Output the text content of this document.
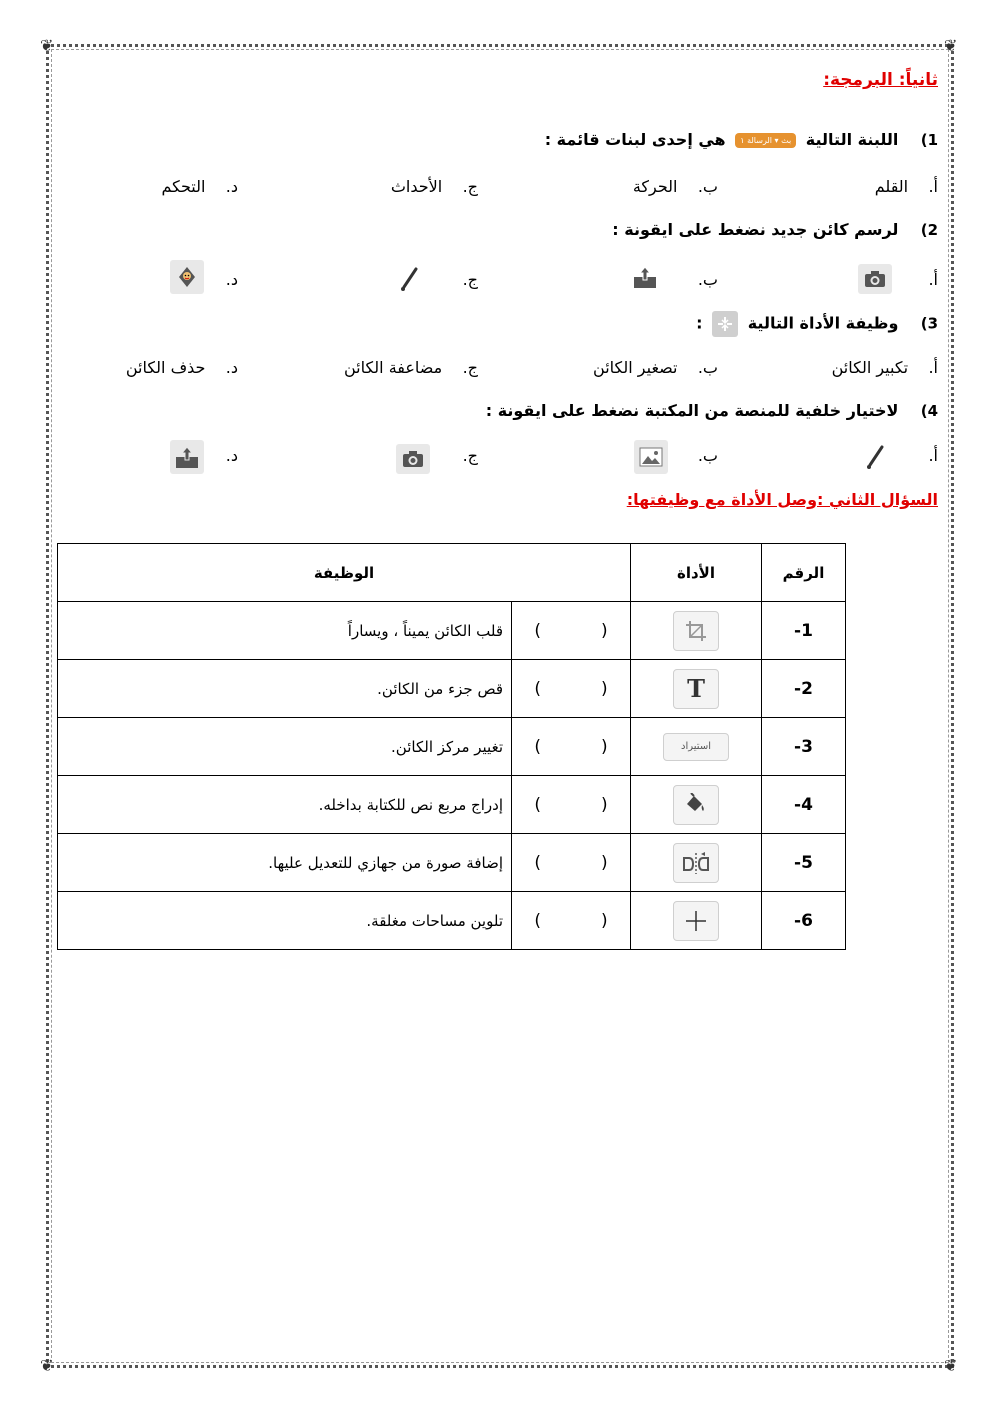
❦	❦
❦	❦
ثانياً: البرمجة:
1)    اللبنة التالية بث ▾ الرسالة ١ هي إحدى لبنات قائمة :
أ.    القلم
ب.    الحركة
ج.    الأحداث
د.    التحكم
2)    لرسم كائن جديد نضغط على ايقونة :
أ.
ب.
ج.
د.
3)    وظيفة الأداة التالية  :
أ.    تكبير الكائن
ب.    تصغير الكائن
ج.    مضاعفة الكائن
د.    حذف الكائن
4)    لاختيار خلفية للمنصة من المكتبة نضغط على ايقونة :
أ.
ب.
ج.
د.
السؤال الثاني :وصل الأداة مع وظيفتها:
الرقم	الأداة	الوظيفة	
1-		()	قلب الكائن يميناً ، ويساراً
2-	T	()	قص جزء من الكائن.
3-	استيراد	()	تغيير مركز الكائن.
4-		()	إدراج مربع نص للكتابة بداخله.
5-		()	إضافة صورة من جهازي للتعديل عليها.
6-		()	تلوين مساحات مغلقة.
